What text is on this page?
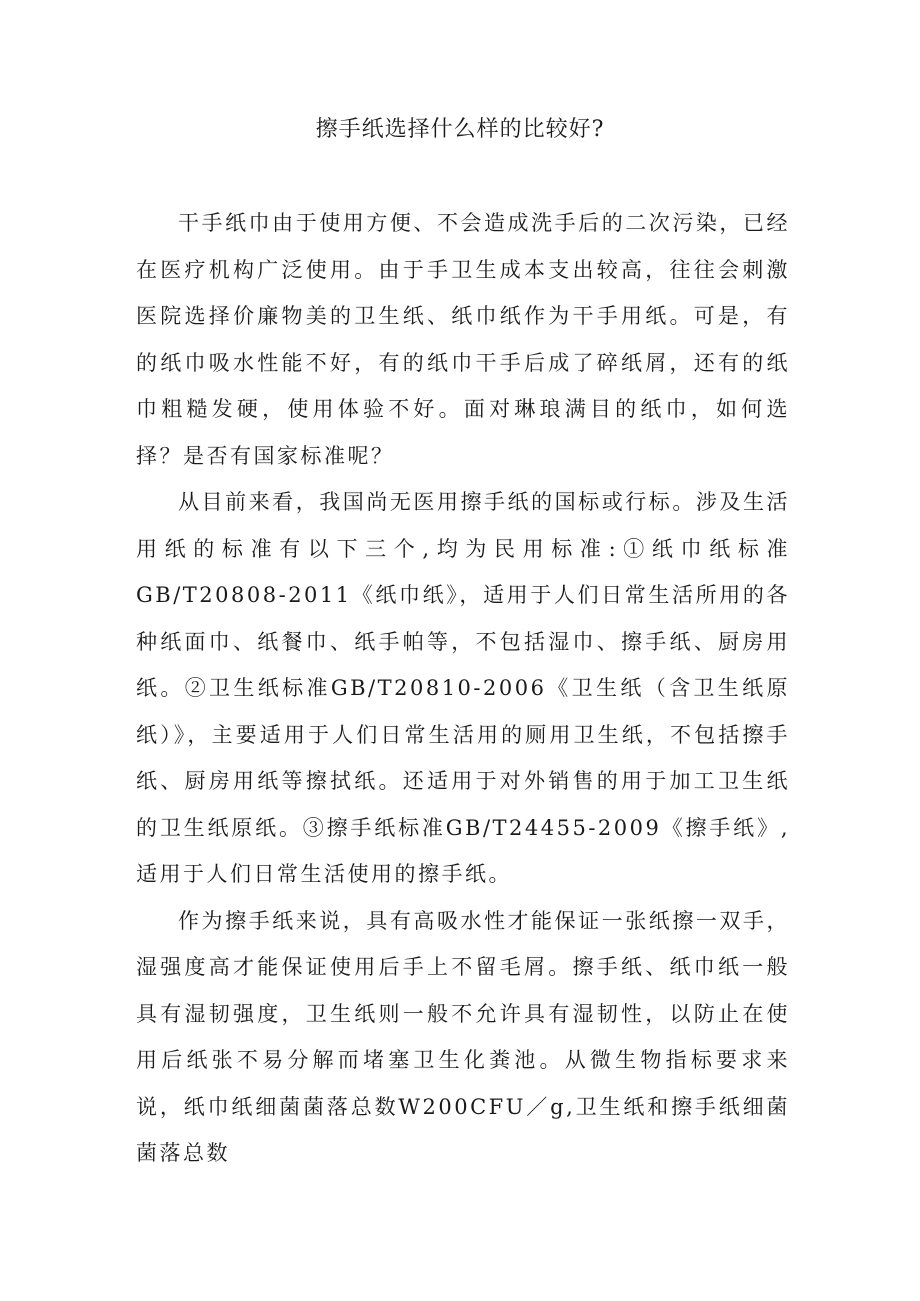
擦手纸选择什么样的比较好?

干手纸巾由于使用方便、不会造成洗手后的二次污染，已经在医疗机构广泛使用。由于手卫生成本支出较高，往往会刺激医院选择价廉物美的卫生纸、纸巾纸作为干手用纸。可是，有的纸巾吸水性能不好，有的纸巾干手后成了碎纸屑，还有的纸巾粗糙发硬，使用体验不好。面对琳琅满目的纸巾，如何选择？是否有国家标准呢？

从目前来看，我国尚无医用擦手纸的国标或行标。涉及生活用纸的标准有以下三个,均为民用标准:①纸巾纸标准GB/T20808-2011《纸巾纸》，适用于人们日常生活所用的各种纸面巾、纸餐巾、纸手帕等，不包括湿巾、擦手纸、厨房用纸。②卫生纸标准GB/T20810-2006《卫生纸（含卫生纸原纸）》，主要适用于人们日常生活用的厕用卫生纸，不包括擦手纸、厨房用纸等擦拭纸。还适用于对外销售的用于加工卫生纸的卫生纸原纸。③擦手纸标准GB/T24455-2009《擦手纸》,适用于人们日常生活使用的擦手纸。

作为擦手纸来说，具有高吸水性才能保证一张纸擦一双手，湿强度高才能保证使用后手上不留毛屑。擦手纸、纸巾纸一般具有湿韧强度，卫生纸则一般不允许具有湿韧性，以防止在使用后纸张不易分解而堵塞卫生化粪池。从微生物指标要求来说，纸巾纸细菌菌落总数W200CFU／g,卫生纸和擦手纸细菌菌落总数
